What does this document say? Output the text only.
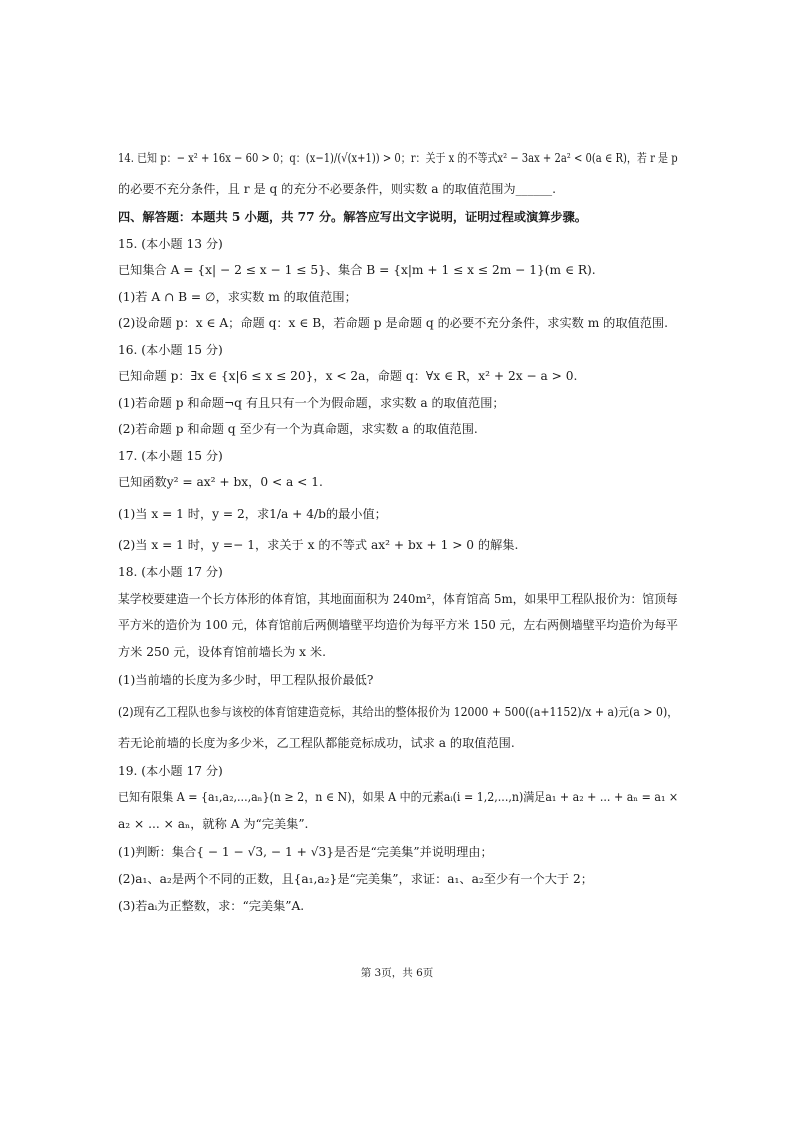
14. 已知 p：− x² + 16x − 60 > 0；q：(x−1)/(√(x+1)) > 0；r：关于 x 的不等式x² − 3ax + 2a² < 0(a ∈ R)，若 r 是 p
的必要不充分条件，且 r 是 q 的充分不必要条件，则实数 a 的取值范围为______.
四、解答题：本题共 5 小题，共 77 分。解答应写出文字说明，证明过程或演算步骤。
15. (本小题 13 分)
已知集合 A = {x| − 2 ≤ x − 1 ≤ 5}、集合 B = {x|m + 1 ≤ x ≤ 2m − 1}(m ∈ R).
(1)若 A ∩ B = ∅，求实数 m 的取值范围；
(2)设命题 p：x ∈ A；命题 q：x ∈ B，若命题 p 是命题 q 的必要不充分条件，求实数 m 的取值范围.
16. (本小题 15 分)
已知命题 p：∃x ∈ {x|6 ≤ x ≤ 20}，x < 2a，命题 q：∀x ∈ R，x² + 2x − a > 0.
(1)若命题 p 和命题¬q 有且只有一个为假命题，求实数 a 的取值范围；
(2)若命题 p 和命题 q 至少有一个为真命题，求实数 a 的取值范围.
17. (本小题 15 分)
已知函数y² = ax² + bx，0 < a < 1.
(1)当 x = 1 时，y = 2，求1/a + 4/b的最小值；
(2)当 x = 1 时，y =− 1，求关于 x 的不等式 ax² + bx + 1 > 0 的解集.
18. (本小题 17 分)
某学校要建造一个长方体形的体育馆，其地面面积为 240m²，体育馆高 5m，如果甲工程队报价为：馆顶每
平方米的造价为 100 元，体育馆前后两侧墙壁平均造价为每平方米 150 元，左右两侧墙壁平均造价为每平
方米 250 元，设体育馆前墙长为 x 米.
(1)当前墙的长度为多少时，甲工程队报价最低?
(2)现有乙工程队也参与该校的体育馆建造竞标，其给出的整体报价为 12000 + 500((a+1152)/x + a)元(a > 0)，
若无论前墙的长度为多少米，乙工程队都能竞标成功，试求 a 的取值范围.
19. (本小题 17 分)
已知有限集 A = {a₁,a₂,...,aₙ}(n ≥ 2，n ∈ N)，如果 A 中的元素aᵢ(i = 1,2,...,n)满足a₁ + a₂ + ... + aₙ = a₁ ×
a₂ × ... × aₙ，就称 A 为“完美集”.
(1)判断：集合{ − 1 − √3, − 1 + √3}是否是“完美集”并说明理由；
(2)a₁、a₂是两个不同的正数，且{a₁,a₂}是“完美集”，求证：a₁、a₂至少有一个大于 2；
(3)若aᵢ为正整数，求：“完美集”A.
第 3页，共 6页
